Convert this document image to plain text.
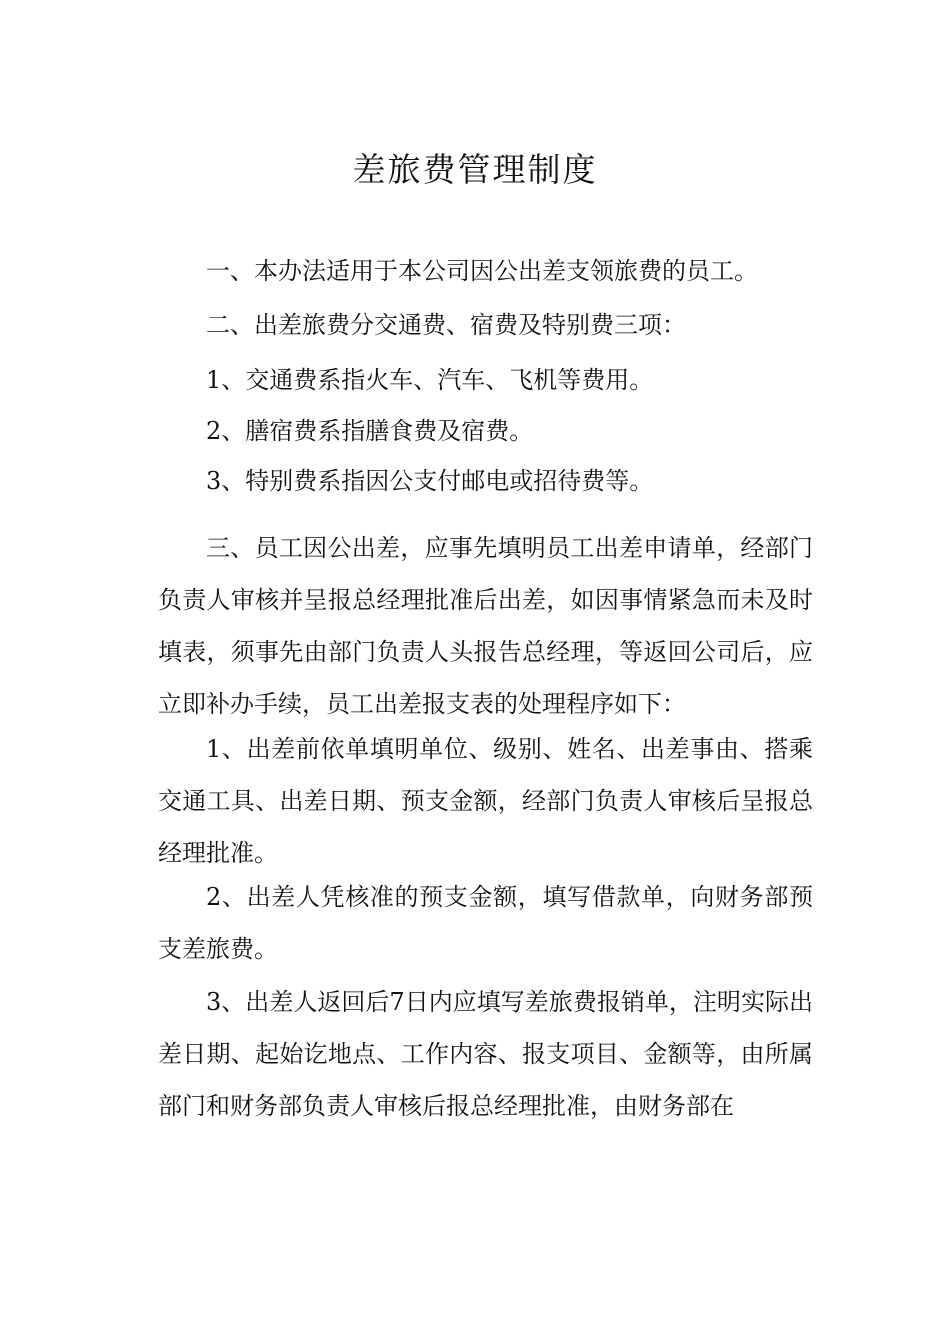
差旅费管理制度

一、本办法适用于本公司因公出差支领旅费的员工。

二、出差旅费分交通费、宿费及特别费三项：

1、交通费系指火车、汽车、飞机等费用。

2、膳宿费系指膳食费及宿费。

3、特别费系指因公支付邮电或招待费等。

三、员工因公出差，应事先填明员工出差申请单，经部门负责人审核并呈报总经理批准后出差，如因事情紧急而未及时填表，须事先由部门负责人头报告总经理，等返回公司后，应立即补办手续，员工出差报支表的处理程序如下：

1、出差前依单填明单位、级别、姓名、出差事由、搭乘交通工具、出差日期、预支金额，经部门负责人审核后呈报总经理批准。

2、出差人凭核准的预支金额，填写借款单，向财务部预支差旅费。

3、出差人返回后7日内应填写差旅费报销单，注明实际出差日期、起始讫地点、工作内容、报支项目、金额等，由所属部门和财务部负责人审核后报总经理批准，由财务部在
